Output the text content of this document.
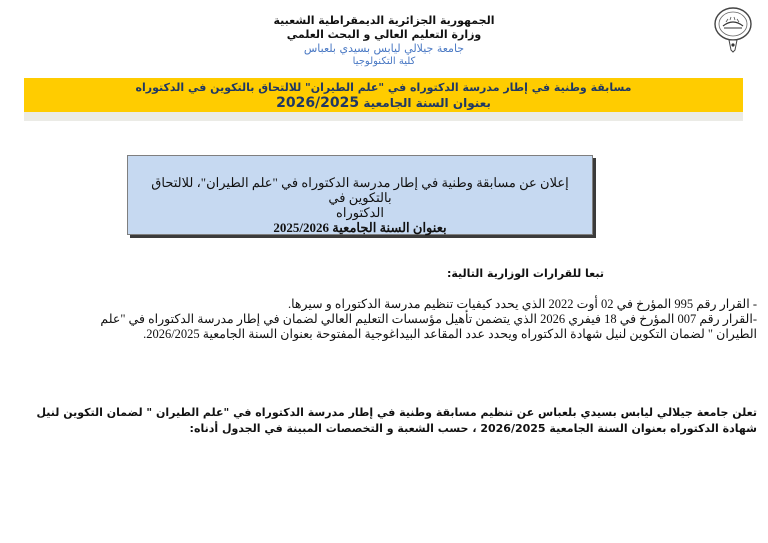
الجمهورية الجزائرية الديمقراطية الشعبية
وزارة التعليم العالي و البحث العلمي
جامعة جيلالي ليابس بسيدي بلعباس
كلية التكنولوجيا
مسابقة وطنية في إطار مدرسة الدكتوراه في "علم الطيران" للالتحاق بالتكوين في الدكتوراه
بعنوان السنة الجامعية 2026/2025
إعلان عن مسابقة وطنية في إطار مدرسة الدكتوراه في "علم الطيران"، للالتحاق بالتكوين في
الدكتوراه
بعنوان السنة الجامعية 2025/2026
تبعا للقرارات الوزارية التالية:
- القرار رقم 995 المؤرخ في 02 أوت 2022 الذي يحدد كيفيات تنظيم مدرسة الدكتوراه و سيرها.
-القرار رقم 007 المؤرخ في 18 فيفري 2026 الذي يتضمن تأهيل مؤسسات التعليم العالي لضمان في إطار مدرسة الدكتوراه في "علم
الطيران " لضمان التكوين لنيل شهادة الدكتوراه ويحدد عدد المقاعد البيداغوجية المفتوحة بعنوان السنة الجامعية 2026/2025.
تعلن جامعة جيلالي ليابس بسيدي بلعباس عن تنظيم مسابقة وطنية في إطار مدرسة الدكتوراه في "علم الطيران " لضمان التكوين لنيل
شهادة الدكتوراه بعنوان السنة الجامعية 2026/2025 ، حسب الشعبة و التخصصات المبينة في الجدول أدناه:
